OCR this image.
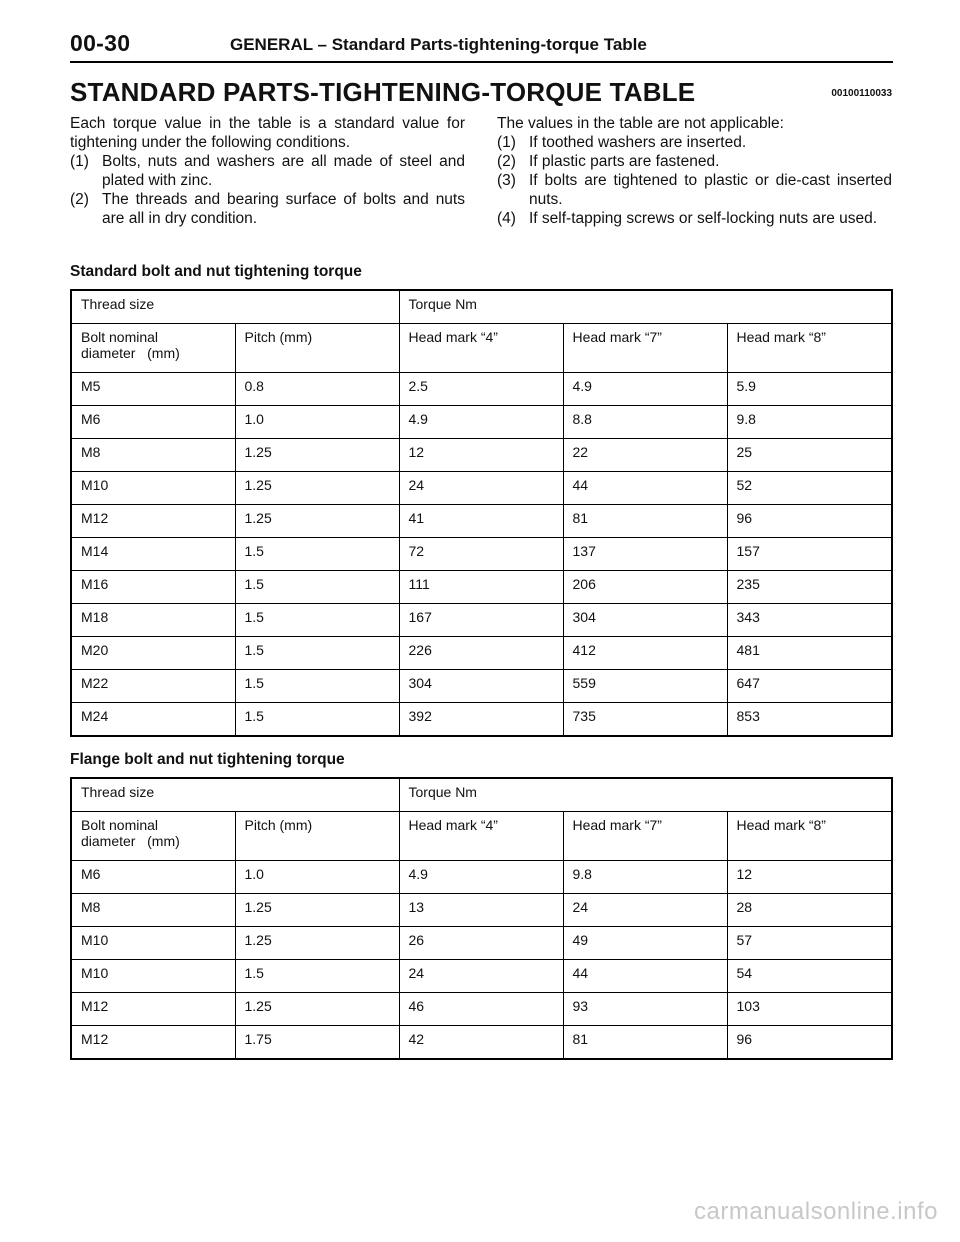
00-30	GENERAL – Standard Parts-tightening-torque Table
STANDARD PARTS-TIGHTENING-TORQUE TABLE	00100110033

Each torque value in the table is a standard value for tightening under the following conditions.

(1) Bolts, nuts and washers are all made of steel and plated with zinc.
(2) The threads and bearing surface of bolts and nuts are all in dry condition.

The values in the table are not applicable:

(1) If toothed washers are inserted.
(2) If plastic parts are fastened.
(3) If bolts are tightened to plastic or die-cast inserted nuts.
(4) If self-tapping screws or self-locking nuts are used.
Standard bolt and nut tightening torque
Thread size		Torque Nm		
Bolt nominal
diameter   (mm)	Pitch (mm)	Head mark “4”	Head mark “7”	Head mark “8”
M5	0.8	2.5	4.9	5.9
M6	1.0	4.9	8.8	9.8
M8	1.25	12	22	25
M10	1.25	24	44	52
M12	1.25	41	81	96
M14	1.5	72	137	157
M16	1.5	111	206	235
M18	1.5	167	304	343
M20	1.5	226	412	481
M22	1.5	304	559	647
M24	1.5	392	735	853
Flange bolt and nut tightening torque
Thread size		Torque Nm		
Bolt nominal
diameter   (mm)	Pitch (mm)	Head mark “4”	Head mark “7”	Head mark “8”
M6	1.0	4.9	9.8	12
M8	1.25	13	24	28
M10	1.25	26	49	57
M10	1.5	24	44	54
M12	1.25	46	93	103
M12	1.75	42	81	96
carmanualsonline.info
